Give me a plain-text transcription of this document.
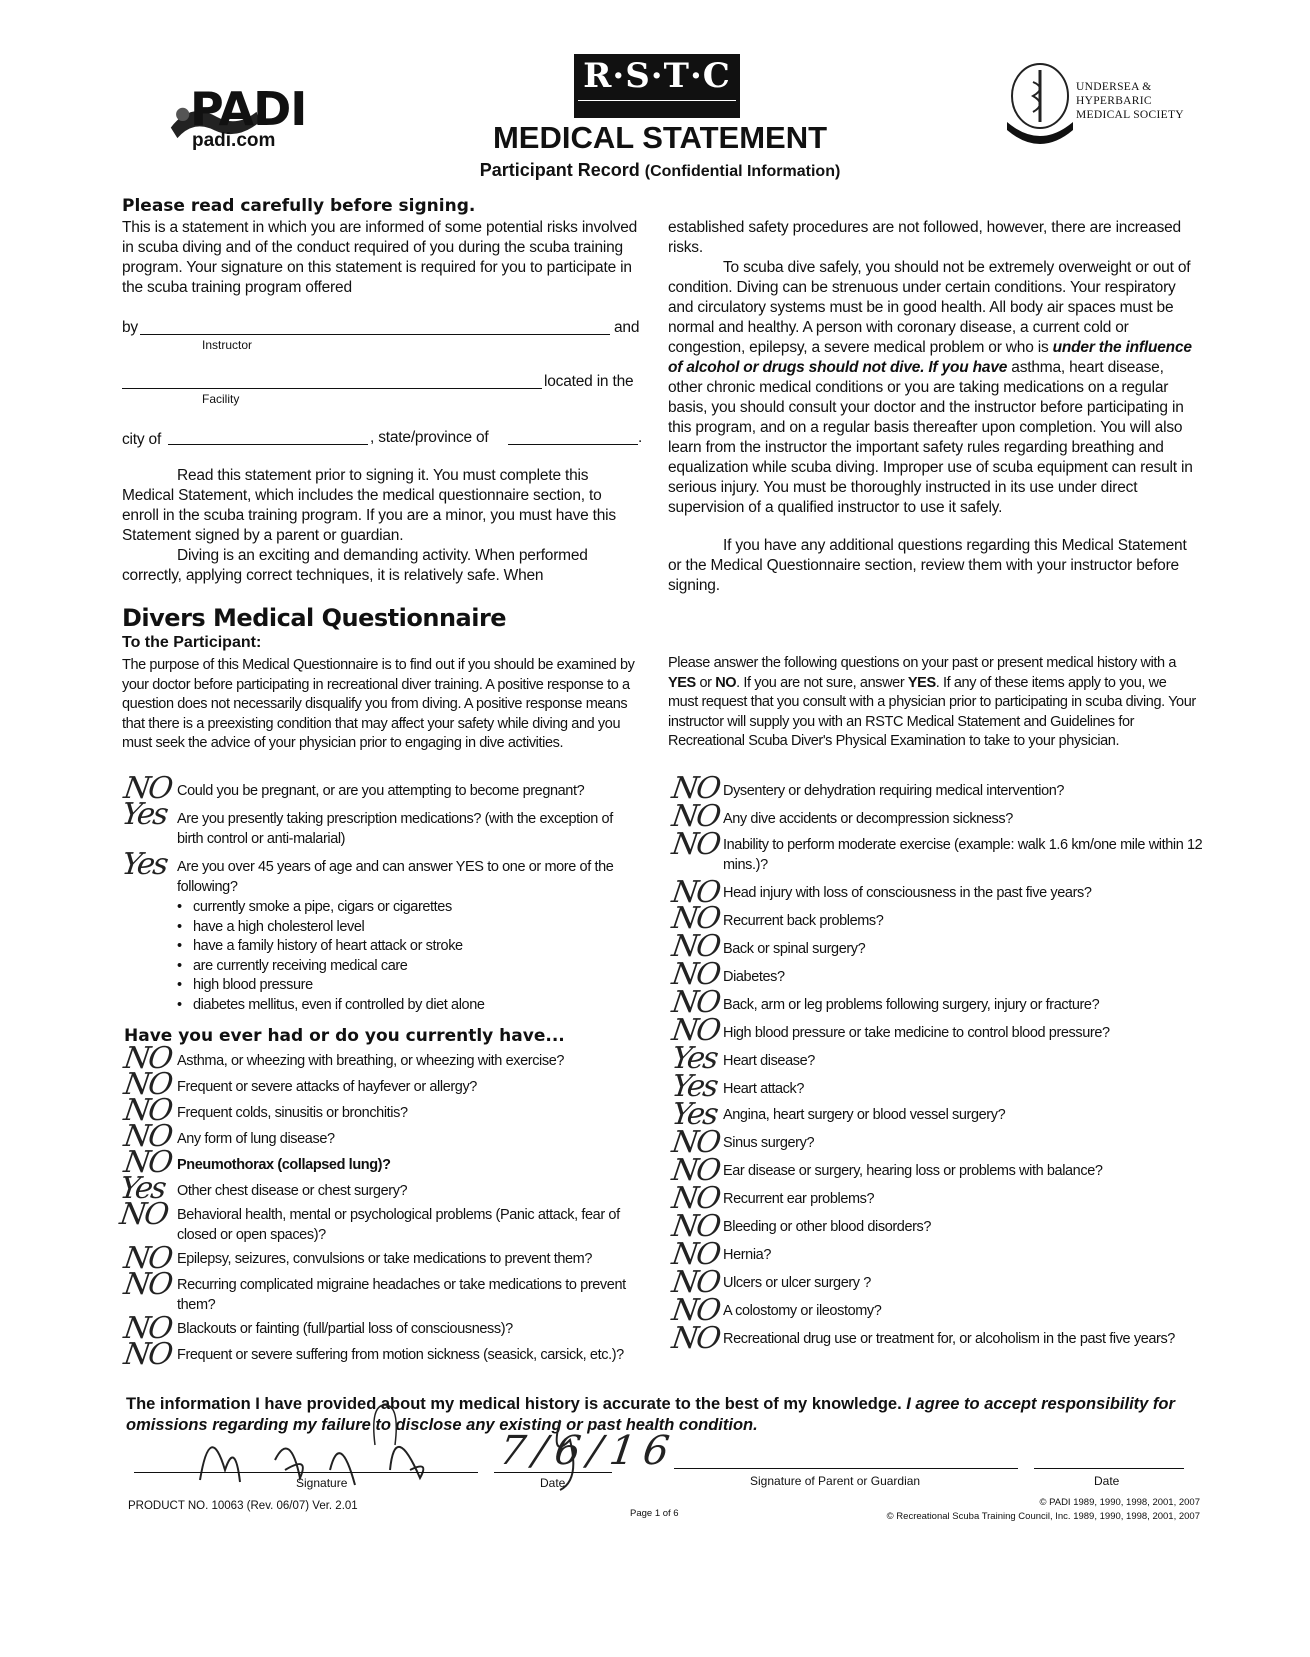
PADI
padi.com
R·S·T·C
MEDICAL STATEMENT
Participant Record (Confidential Information)
UNDERSEA &
HYPERBARIC
MEDICAL SOCIETY
Please read carefully before signing.
This is a statement in which you are informed of some potential risks involved in scuba diving and of the conduct required of you during the scuba training program. Your signature on this statement is required for you to participate in the scuba training program offered
by	and
Instructor
located in the
Facility
city of	, state/province of	.
Read this statement prior to signing it. You must complete this Medical Statement, which includes the medical questionnaire section, to enroll in the scuba training program. If you are a minor, you must have this Statement signed by a parent or guardian.
Diving is an exciting and demanding activity. When performed correctly, applying correct techniques, it is relatively safe. When
established safety procedures are not followed, however, there are increased risks.
To scuba dive safely, you should not be extremely overweight or out of condition. Diving can be strenuous under certain conditions. Your respiratory and circulatory systems must be in good health. All body air spaces must be normal and healthy. A person with coronary disease, a current cold or congestion, epilepsy, a severe medical problem or who is under the influence of alcohol or drugs should not dive. If you have asthma, heart disease, other chronic medical conditions or you are taking medications on a regular basis, you should consult your doctor and the instructor before participating in this program, and on a regular basis thereafter upon completion. You will also learn from the instructor the important safety rules regarding breathing and equalization while scuba diving. Improper use of scuba equipment can result in serious injury. You must be thoroughly instructed in its use under direct supervision of a qualified instructor to use it safely.
If you have any additional questions regarding this Medical Statement or the Medical Questionnaire section, review them with your instructor before signing.
Divers Medical Questionnaire
To the Participant:
The purpose of this Medical Questionnaire is to find out if you should be examined by your doctor before participating in recreational diver training. A positive response to a question does not necessarily disqualify you from diving. A positive response means that there is a preexisting condition that may affect your safety while diving and you must seek the advice of your physician prior to engaging in dive activities.
Please answer the following questions on your past or present medical history with a YES or NO. If you are not sure, answer YES. If any of these items apply to you, we must request that you consult with a physician prior to participating in scuba diving. Your instructor will supply you with an RSTC Medical Statement and Guidelines for Recreational Scuba Diver's Physical Examination to take to your physician.
NO Could you be pregnant, or are you attempting to become pregnant?
Yes Are you presently taking prescription medications? (with the exception of birth control or anti-malarial)
Yes Are you over 45 years of age and can answer YES to one or more of the following?
• currently smoke a pipe, cigars or cigarettes
• have a high cholesterol level
• have a family history of heart attack or stroke
• are currently receiving medical care
• high blood pressure
• diabetes mellitus, even if controlled by diet alone
Have you ever had or do you currently have...
NO Asthma, or wheezing with breathing, or wheezing with exercise?
NO Frequent or severe attacks of hayfever or allergy?
NO Frequent colds, sinusitis or bronchitis?
NO Any form of lung disease?
NO Pneumothorax (collapsed lung)?
Yes Other chest disease or chest surgery?
NO Behavioral health, mental or psychological problems (Panic attack, fear of closed or open spaces)?
NO Epilepsy, seizures, convulsions or take medications to prevent them?
NO Recurring complicated migraine headaches or take medications to prevent them?
NO Blackouts or fainting (full/partial loss of consciousness)?
NO Frequent or severe suffering from motion sickness (seasick, carsick, etc.)?
NO Dysentery or dehydration requiring medical intervention?
NO Any dive accidents or decompression sickness?
NO Inability to perform moderate exercise (example: walk 1.6 km/one mile within 12 mins.)?
NO Head injury with loss of consciousness in the past five years?
NO Recurrent back problems?
NO Back or spinal surgery?
NO Diabetes?
NO Back, arm or leg problems following surgery, injury or fracture?
NO High blood pressure or take medicine to control blood pressure?
Yes Heart disease?
Yes Heart attack?
Yes Angina, heart surgery or blood vessel surgery?
NO Sinus surgery?
NO Ear disease or surgery, hearing loss or problems with balance?
NO Recurrent ear problems?
NO Bleeding or other blood disorders?
NO Hernia?
NO Ulcers or ulcer surgery ?
NO A colostomy or ileostomy?
NO Recreational drug use or treatment for, or alcoholism in the past five years?
The information I have provided about my medical history is accurate to the best of my knowledge. I agree to accept responsibility for omissions regarding my failure to disclose any existing or past health condition.
7/6/16
Signature	Date	Signature of Parent or Guardian	Date
PRODUCT NO. 10063 (Rev. 06/07) Ver. 2.01
Page 1 of 6
© PADI 1989, 1990, 1998, 2001, 2007
© Recreational Scuba Training Council, Inc. 1989, 1990, 1998, 2001, 2007
